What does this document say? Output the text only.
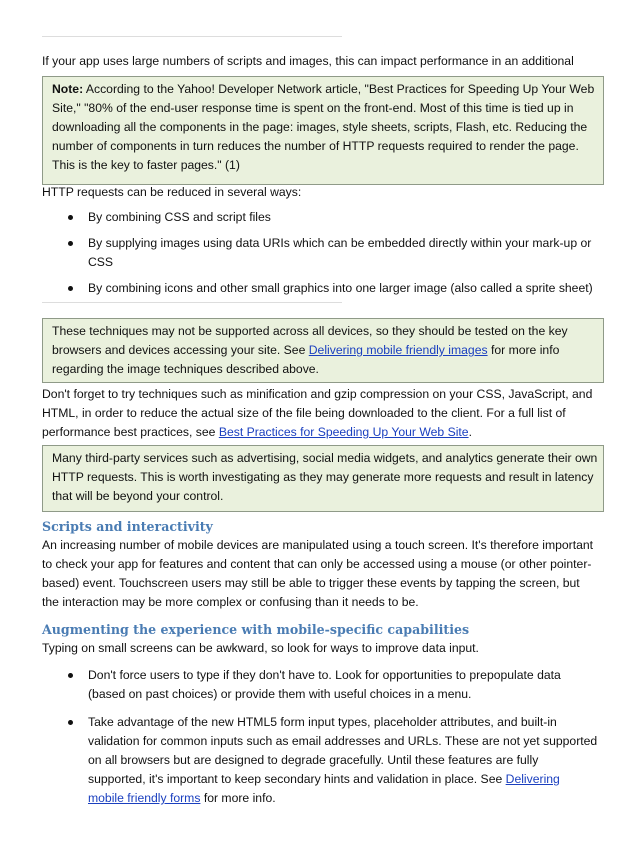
If your app uses large numbers of scripts and images, this can impact performance in an additional

Note: According to the Yahoo! Developer Network article, "Best Practices for Speeding Up Your Web Site," "80% of the end-user response time is spent on the front-end. Most of this time is tied up in downloading all the components in the page: images, style sheets, scripts, Flash, etc. Reducing the number of components in turn reduces the number of HTTP requests required to render the page. This is the key to faster pages." (1)

HTTP requests can be reduced in several ways:

By combining CSS and script files
By supplying images using data URIs which can be embedded directly within your mark-up or CSS
By combining icons and other small graphics into one larger image (also called a sprite sheet)

These techniques may not be supported across all devices, so they should be tested on the key browsers and devices accessing your site. See Delivering mobile friendly images for more info regarding the image techniques described above.

Don't forget to try techniques such as minification and gzip compression on your CSS, JavaScript, and HTML, in order to reduce the actual size of the file being downloaded to the client. For a full list of performance best practices, see Best Practices for Speeding Up Your Web Site.

Many third-party services such as advertising, social media widgets, and analytics generate their own HTTP requests. This is worth investigating as they may generate more requests and result in latency that will be beyond your control.

Scripts and interactivity

An increasing number of mobile devices are manipulated using a touch screen. It's therefore important to check your app for features and content that can only be accessed using a mouse (or other pointer-based) event. Touchscreen users may still be able to trigger these events by tapping the screen, but the interaction may be more complex or confusing than it needs to be.

Augmenting the experience with mobile-specific capabilities

Typing on small screens can be awkward, so look for ways to improve data input.

Don't force users to type if they don't have to. Look for opportunities to prepopulate data (based on past choices) or provide them with useful choices in a menu.
Take advantage of the new HTML5 form input types, placeholder attributes, and built-in validation for common inputs such as email addresses and URLs. These are not yet supported on all browsers but are designed to degrade gracefully. Until these features are fully supported, it's important to keep secondary hints and validation in place. See Delivering mobile friendly forms for more info.
